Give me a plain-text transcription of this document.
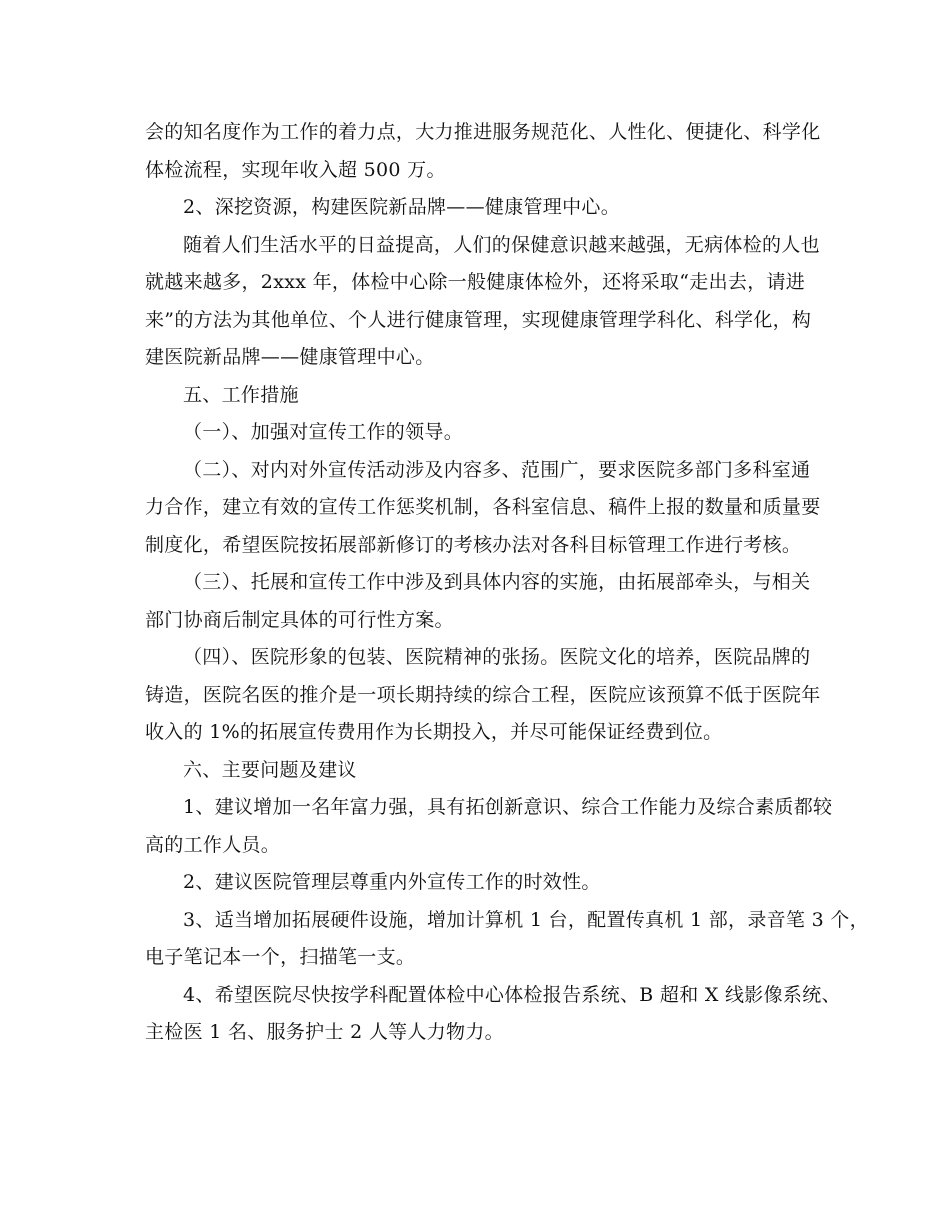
会的知名度作为工作的着力点，大力推进服务规范化、人性化、便捷化、科学化
体检流程，实现年收入超 500 万。
2、深挖资源，构建医院新品牌——健康管理中心。
随着人们生活水平的日益提高，人们的保健意识越来越强，无病体检的人也
就越来越多，2xxx 年，体检中心除一般健康体检外，还将采取“走出去，请进
来”的方法为其他单位、个人进行健康管理，实现健康管理学科化、科学化，构
建医院新品牌——健康管理中心。
五、工作措施
（一）、加强对宣传工作的领导。
（二）、对内对外宣传活动涉及内容多、范围广，要求医院多部门多科室通
力合作，建立有效的宣传工作惩奖机制，各科室信息、稿件上报的数量和质量要
制度化，希望医院按拓展部新修订的考核办法对各科目标管理工作进行考核。
（三）、托展和宣传工作中涉及到具体内容的实施，由拓展部牵头，与相关
部门协商后制定具体的可行性方案。
（四）、医院形象的包装、医院精神的张扬。医院文化的培养，医院品牌的
铸造，医院名医的推介是一项长期持续的综合工程，医院应该预算不低于医院年
收入的 1%的拓展宣传费用作为长期投入，并尽可能保证经费到位。
六、主要问题及建议
1、建议增加一名年富力强，具有拓创新意识、综合工作能力及综合素质都较
高的工作人员。
2、建议医院管理层尊重内外宣传工作的时效性。
3、适当增加拓展硬件设施，增加计算机 1 台，配置传真机 1 部，录音笔 3 个，
电子笔记本一个，扫描笔一支。
4、希望医院尽快按学科配置体检中心体检报告系统、B 超和 X 线影像系统、
主检医 1 名、服务护士 2 人等人力物力。
